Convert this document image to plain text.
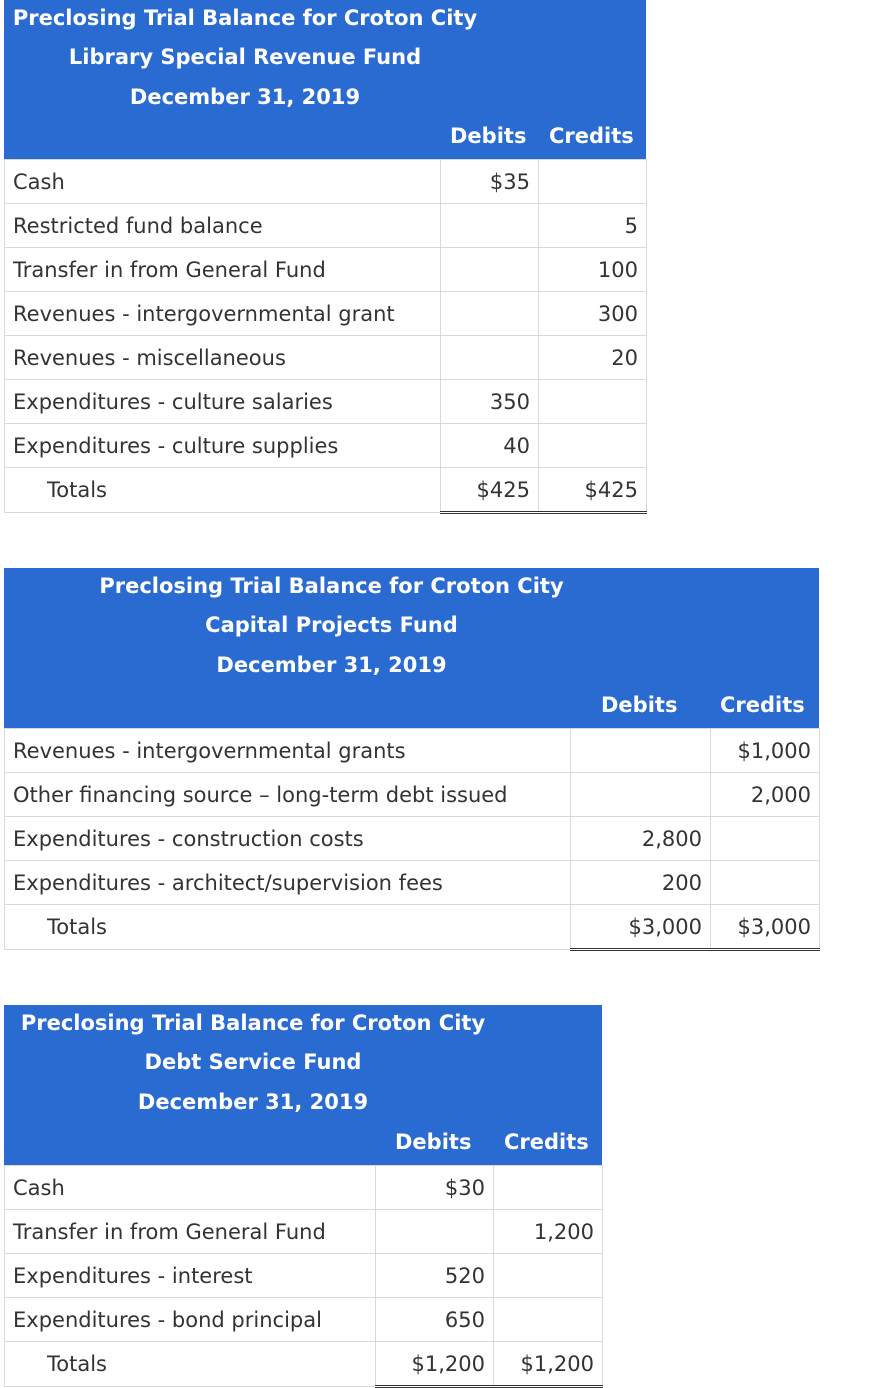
Preclosing Trial Balance for Croton City
Library Special Revenue Fund
December 31, 2019
Debits Credits
Cash	$35	
Restricted fund balance		5
Transfer in from General Fund		100
Revenues - intergovernmental grant		300
Revenues - miscellaneous		20
Expenditures - culture salaries	350	
Expenditures - culture supplies	40	
Totals	$425	$425
Preclosing Trial Balance for Croton City
Capital Projects Fund
December 31, 2019
Debits Credits
Revenues - intergovernmental grants		$1,000
Other financing source – long-term debt issued		2,000
Expenditures - construction costs	2,800	
Expenditures - architect/supervision fees	200	
Totals	$3,000	$3,000
Preclosing Trial Balance for Croton City
Debt Service Fund
December 31, 2019
Debits Credits
Cash	$30	
Transfer in from General Fund		1,200
Expenditures - interest	520	
Expenditures - bond principal	650	
Totals	$1,200	$1,200
